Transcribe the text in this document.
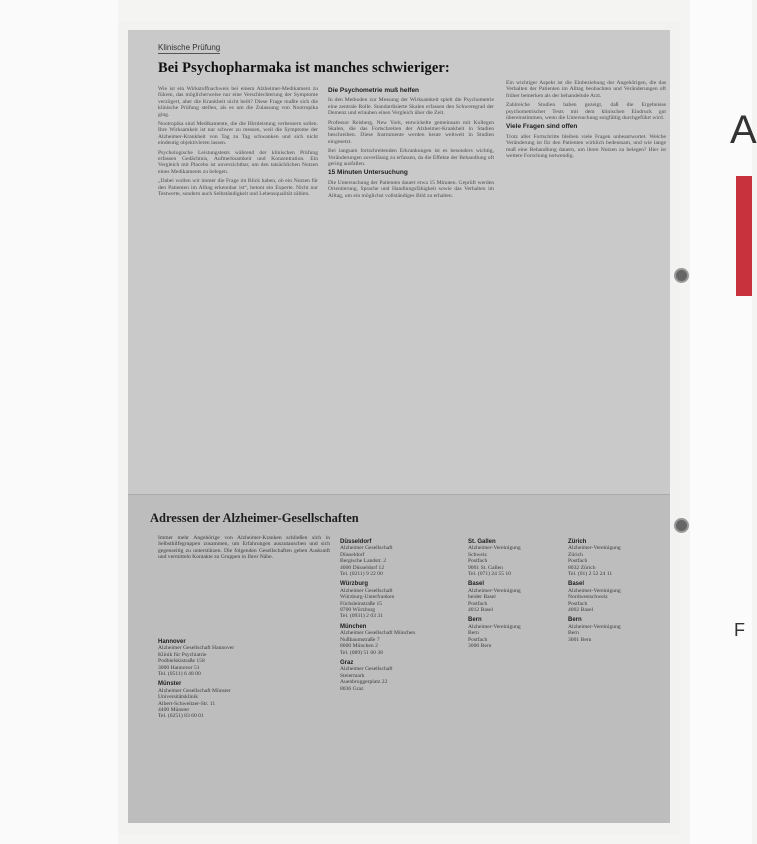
Klinische Prüfung
Bei Psychopharmaka ist manches schwieriger:

Wie ist ein Wirkstoffnachweis bei einem Alzheimer-Medikament zu führen, das möglicherweise nur eine Verschlechterung der Symptome verzögert, aber die Krankheit nicht heilt? Diese Frage mußte sich die klinische Prüfung stellen, als es um die Zulassung von Nootropika ging.

Nootropika sind Medikamente, die die Hirnleistung verbessern sollen. Ihre Wirksamkeit ist nur schwer zu messen, weil die Symptome der Alzheimer-Krankheit von Tag zu Tag schwanken und sich nicht eindeutig objektivieren lassen.

Psychologische Leistungstests während der klinischen Prüfung erfassen Gedächtnis, Aufmerksamkeit und Konzentration. Ein Vergleich mit Placebo ist unverzichtbar, um den tatsächlichen Nutzen eines Medikaments zu belegen.

„Dabei wollen wir immer die Frage im Blick haben, ob ein Nutzen für den Patienten im Alltag erkennbar ist“, betont ein Experte. Nicht nur Testwerte, sondern auch Selbständigkeit und Lebensqualität zählen.

Die Psychometrie muß helfen

In den Methoden zur Messung der Wirksamkeit spielt die Psychometrie eine zentrale Rolle. Standardisierte Skalen erfassen den Schweregrad der Demenz und erlauben einen Vergleich über die Zeit.

Professor Reisberg, New York, entwickelte gemeinsam mit Kollegen Skalen, die das Fortschreiten der Alzheimer-Krankheit in Stadien beschreiben. Diese Instrumente werden heute weltweit in Studien eingesetzt.

Bei langsam fortschreitenden Erkrankungen ist es besonders wichtig, Veränderungen zuverlässig zu erfassen, da die Effekte der Behandlung oft gering ausfallen.

15 Minuten Untersuchung

Die Untersuchung der Patienten dauert etwa 15 Minuten. Geprüft werden Orientierung, Sprache und Handlungsfähigkeit sowie das Verhalten im Alltag, um ein möglichst vollständiges Bild zu erhalten.

Ein wichtiger Aspekt ist die Einbeziehung der Angehörigen, die das Verhalten der Patienten im Alltag beobachten und Veränderungen oft früher bemerken als der behandelnde Arzt.

Zahlreiche Studien haben gezeigt, daß die Ergebnisse psychometrischer Tests mit dem klinischen Eindruck gut übereinstimmen, wenn die Untersuchung sorgfältig durchgeführt wird.

Viele Fragen sind offen

Trotz aller Fortschritte bleiben viele Fragen unbeantwortet. Welche Veränderung ist für den Patienten wirklich bedeutsam, und wie lange muß eine Behandlung dauern, um ihren Nutzen zu belegen? Hier ist weitere Forschung notwendig.

Adressen der Alzheimer-Gesellschaften
Immer mehr Angehörige von Alzheimer-Kranken schließen sich in Selbsthilfegruppen zusammen, um Erfahrungen auszutauschen und sich gegenseitig zu unterstützen. Die folgenden Gesellschaften geben Auskunft und vermitteln Kontakte zu Gruppen in Ihrer Nähe.
Hannover
Alzheimer Gesellschaft Hannover
Klinik für Psychiatrie
Podbielskistraße 158
3000 Hannover 51
Tel. (0511) 6 48 00
Münster
Alzheimer Gesellschaft Münster
Universitätsklinik
Albert-Schweitzer-Str. 11
4400 Münster
Tel. (0251) 83 60 01
Düsseldorf
Alzheimer Gesellschaft
Düsseldorf
Bergische Landstr. 2
4000 Düsseldorf 12
Tel. (0211) 9 22 00
Würzburg
Alzheimer Gesellschaft
Würzburg-Unterfranken
Füchsleinstraße 15
8700 Würzburg
Tel. (0931) 2 03 31
München
Alzheimer Gesellschaft München
Nußbaumstraße 7
8000 München 2
Tel. (089) 51 60 38
Graz
Alzheimer Gesellschaft
Steiermark
Auenbruggerplatz 22
8036 Graz
St. Gallen
Alzheimer-Vereinigung
Schweiz
Postfach
9001 St. Gallen
Tel. (071) 24 55 10
Basel
Alzheimer-Vereinigung
beider Basel
Postfach
4012 Basel
Bern
Alzheimer-Vereinigung
Bern
Postfach
3000 Bern
Zürich
Alzheimer-Vereinigung
Zürich
Postfach
8032 Zürich
Tel. (01) 2 52 24 11
Basel
Alzheimer-Vereinigung
Nordwestschweiz
Postfach
4002 Basel
Bern
Alzheimer-Vereinigung
Bern
3001 Bern
A
F
